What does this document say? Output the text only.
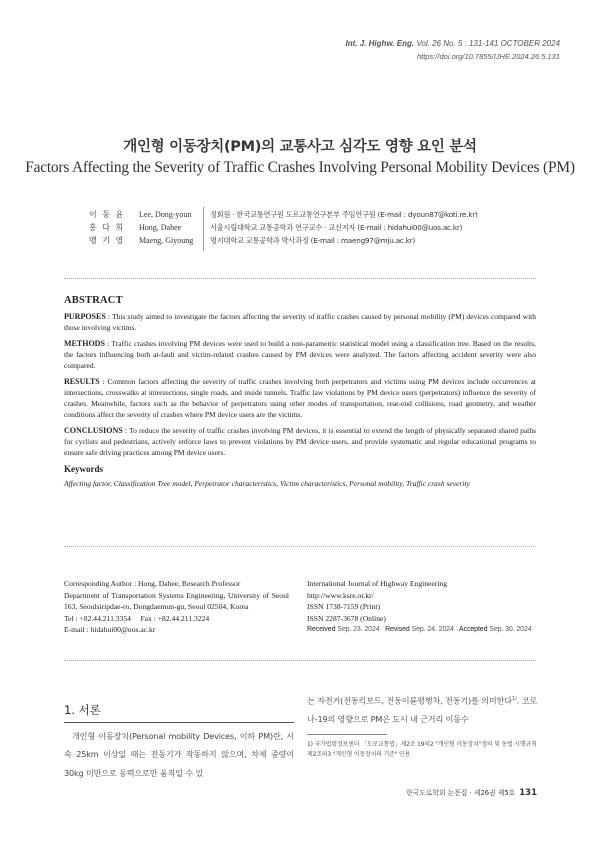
Int. J. Highw. Eng. Vol. 26 No. 5 : 131-141 OCTOBER 2024
https://doi.org/10.7855/IJHE.2024.26.5.131
개인형 이동장치(PM)의 교통사고 심각도 영향 요인 분석
Factors Affecting the Severity of Traffic Crashes Involving Personal Mobility Devices (PM)
이 동 윤
홍 다 희
맹 기 영
Lee, Dong-youn
Hong, Dahee
Maeng, Giyoung
정회원 · 한국교통연구원 도로교통연구본부 주임연구원 (E-mail : dyoun87@koti.re.kr)
서울시립대학교 교통공학과 연구교수 · 교신저자 (E-mail : hidahui00@uos.ac.kr)
명지대학교 교통공학과 박사과정 (E-mail : maeng97@mju.ac.kr)
ABSTRACT

PURPOSES : This study aimed to investigate the factors affecting the severity of traffic crashes caused by personal mobility (PM) devices compared with those involving victims.

METHODS : Traffic crashes involving PM devices were used to build a non-parametric statistical model using a classification tree. Based on the results, the factors influencing both at-fault and victim-related crashes caused by PM devices were analyzed. The factors affecting accident severity were also compared.

RESULTS : Common factors affecting the severity of traffic crashes involving both perpetrators and victims using PM devices include occurrences at intersections, crosswalks at intersections, single roads, and inside tunnels. Traffic law violations by PM device users (perpetrators) influence the severity of crashes. Meanwhile, factors such as the behavior of perpetrators using other modes of transportation, rear-end collisions, road geometry, and weather conditions affect the severity of crashes where PM device users are the victims.

CONCLUSIONS : To reduce the severity of traffic crashes involving PM devices, it is essential to extend the length of physically separated shared paths for cyclists and pedestrians, actively enforce laws to prevent violations by PM device users, and provide systematic and regular educational programs to ensure safe driving practices among PM device users.

Keywords

Affecting factor, Classification Tree model, Perpetrator characteristics, Victim characteristics, Personal mobility, Traffic crash severity

Corresponding Author : Hong, Dahee, Research Professor
Department of Transportation Systems Engineering, University of Seoul 163, Seoulsiripdae-ro, Dongdaemun-gu, Seoul 02504, Korea
Tel : +82.44.211.3354     Fax : +82.44.211.3224
E-mail : hidahui00@uos.ac.kr
International Journal of Highway Engineering
http://www.ksre.or.kr/
ISSN 1738-7159 (Print)
ISSN 2287-3678 (Online)
Received Sep. 23. 2024 Revised Sep. 24. 2024 Accepted Sep. 30. 2024
1. 서론

개인형 이동장치(Personal mobility Devices, 이하 PM)란, 시속 25km 이상일 때는 전동기가 작동하지 않으며, 차체 중량이 30kg 미만으로 동력으로만 움직일 수 있

는 자전거(전동킥보드, 전동이륜평행차, 전동기)를 의미한다$^{1)}$. 코로나-19의 영향으로 PM은 도시 내 근거리 이동수
1) 국가법령정보센터 「도로교통법」제2조 19의2 "개인형 이동장치"정의 및 동법 시행규칙 제2조의3 "개인형 이동장치의 기준" 인용
한국도로학회 논문집 · 제26권 제5호 131
